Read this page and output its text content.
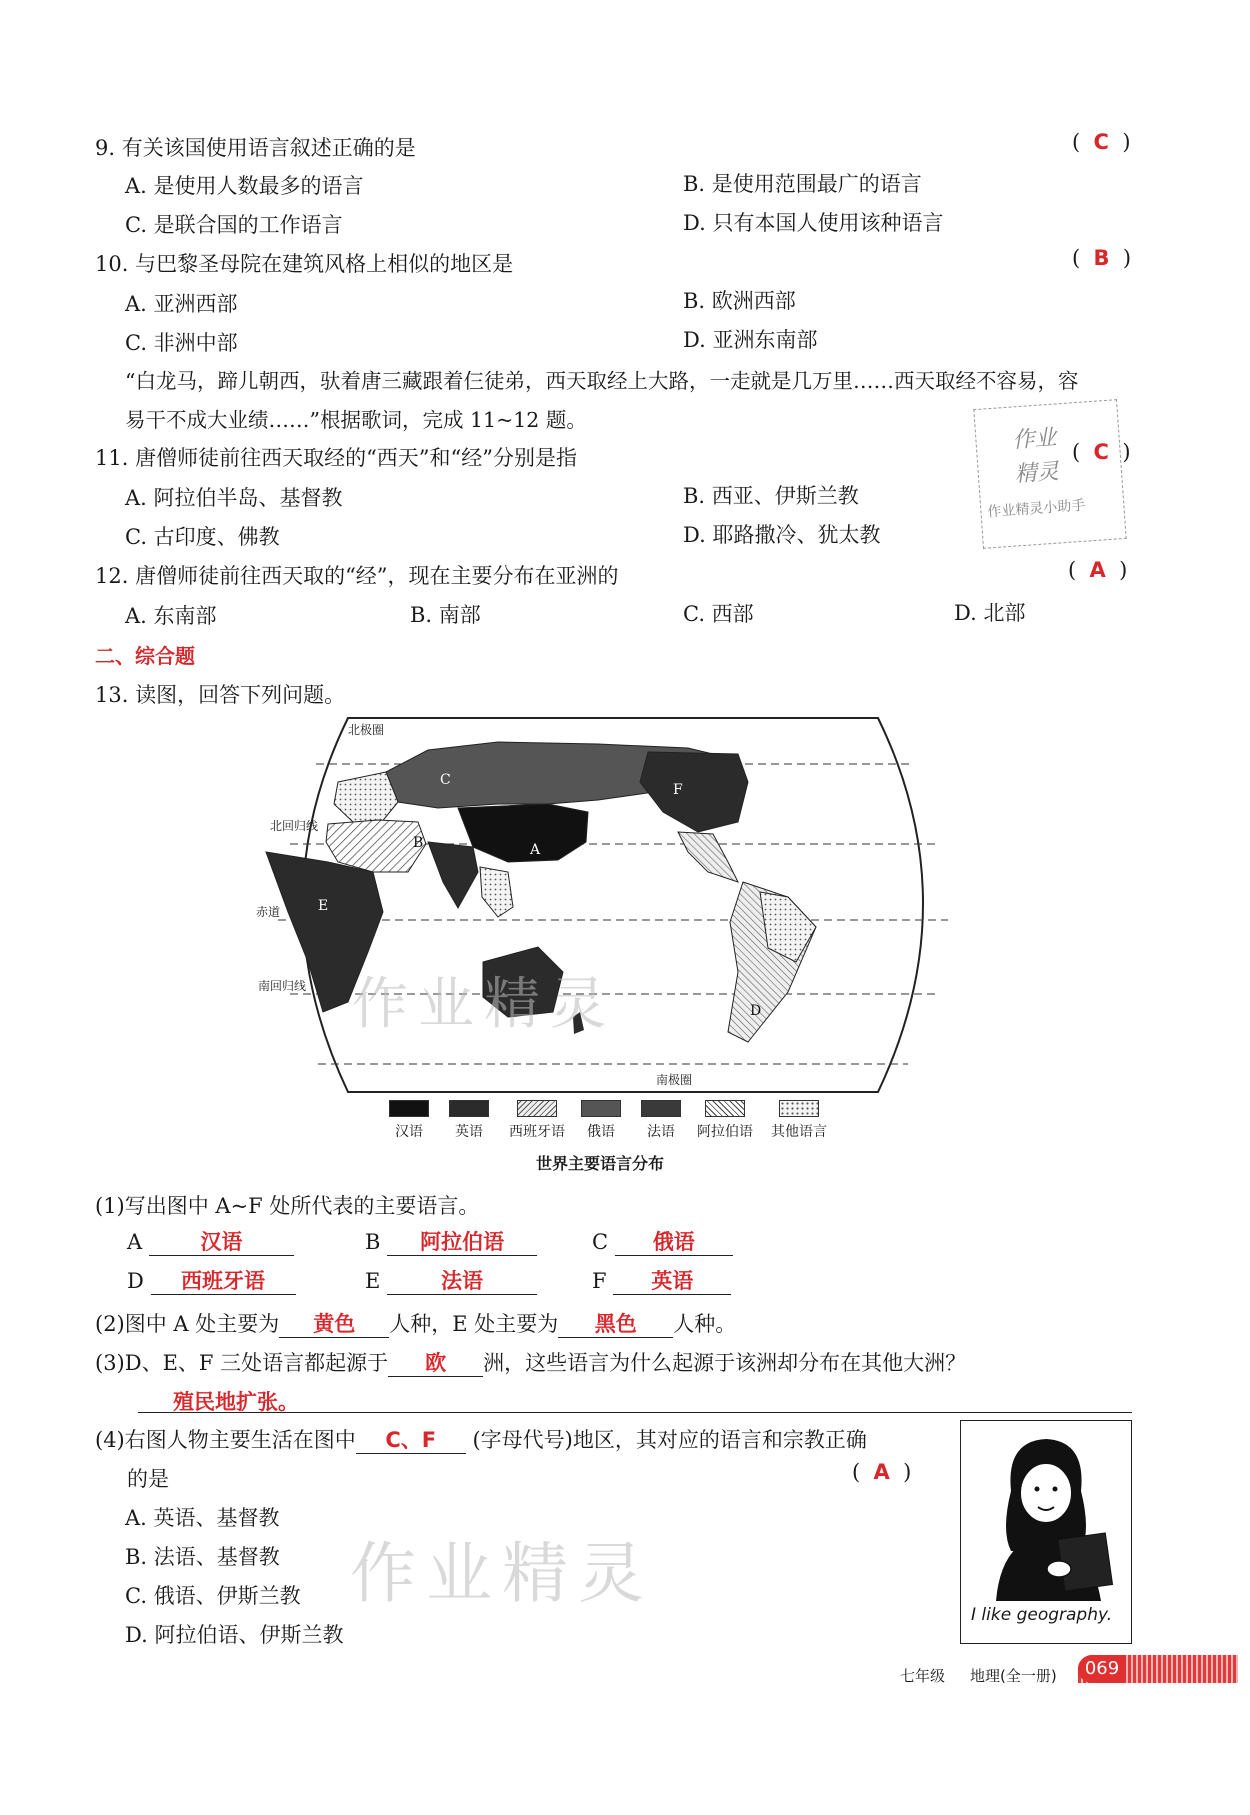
9. 有关该国使用语言叙述正确的是	(  C  )
A. 是使用人数最多的语言	B. 是使用范围最广的语言
C. 是联合国的工作语言	D. 只有本国人使用该种语言
10. 与巴黎圣母院在建筑风格上相似的地区是	(  B  )
A. 亚洲西部	B. 欧洲西部
C. 非洲中部	D. 亚洲东南部
“白龙马，蹄儿朝西，驮着唐三藏跟着仨徒弟，西天取经上大路，一走就是几万里……西天取经不容易，容
易干不成大业绩……”根据歌词，完成 11~12 题。
作业
精灵
作业精灵小助手
11. 唐僧师徒前往西天取经的“西天”和“经”分别是指	(  C  )
A. 阿拉伯半岛、基督教	B. 西亚、伊斯兰教
C. 古印度、佛教	D. 耶路撒冷、犹太教
12. 唐僧师徒前往西天取的“经”，现在主要分布在亚洲的	(  A  )
A. 东南部	B. 南部	C. 西部	D. 北部
二、综合题
13. 读图，回答下列问题。
北极圈
北回归线
赤道
南回归线
南极圈
A
B
C
D
E
F
作业精灵
汉语	英语	西班牙语	俄语	法语	阿拉伯语	其他语言
世界主要语言分布
(1)写出图中 A~F 处所代表的主要语言。
A	汉语	B 阿拉伯语	C 俄语
D 西班牙语	E	法语	F 英语
(2)图中 A 处主要为 黄色 人种，E 处主要为 黑色 人种。
(3)D、E、F 三处语言都起源于 欧 洲，这些语言为什么起源于该洲却分布在其他大洲？
殖民地扩张。
(4)右图人物主要生活在图中 C、F (字母代号)地区，其对应的语言和宗教正确
的是	(  A  )
A. 英语、基督教
B. 法语、基督教
C. 俄语、伊斯兰教
D. 阿拉伯语、伊斯兰教
作业精灵
I like geography.
七年级 地理(全一册)	069
